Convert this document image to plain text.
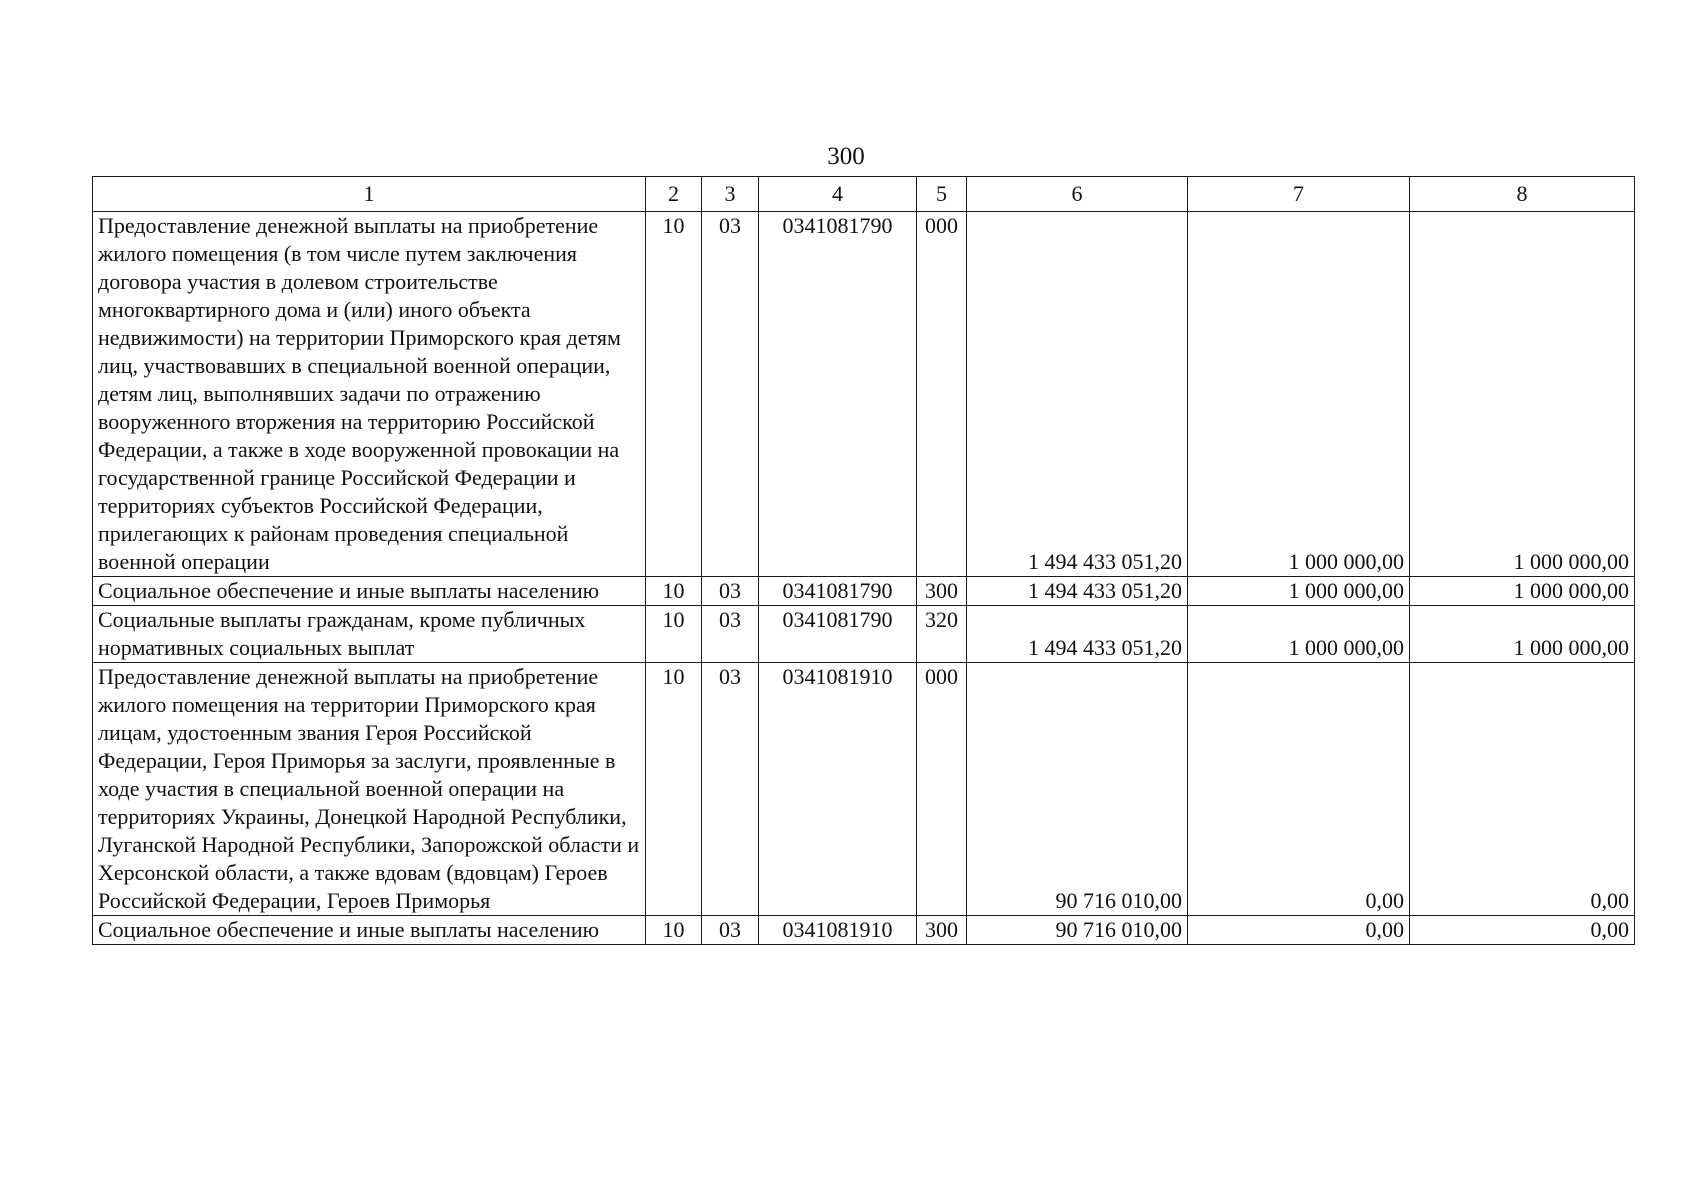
300
1	2	3	4	5	6	7	8
Предоставление денежной выплаты на приобретение жилого помещения (в том числе путем заключения договора участия в долевом строительстве многоквартирного дома и (или) иного объекта недвижимости) на территории Приморского края детям лиц, участвовавших в специальной военной операции, детям лиц, выполнявших задачи по отражению вооруженного вторжения на территорию Российской Федерации, а также в ходе вооруженной провокации на государственной границе Российской Федерации и территориях субъектов Российской Федерации, прилегающих к районам проведения специальной военной операции	10	03	0341081790	000	1 494 433 051,20	1 000 000,00	1 000 000,00
Социальное обеспечение и иные выплаты населению	10	03	0341081790	300	1 494 433 051,20	1 000 000,00	1 000 000,00
Социальные выплаты гражданам, кроме публичных нормативных социальных выплат	10	03	0341081790	320	1 494 433 051,20	1 000 000,00	1 000 000,00
Предоставление денежной выплаты на приобретение жилого помещения на территории Приморского края лицам, удостоенным звания Героя Российской Федерации, Героя Приморья за заслуги, проявленные в ходе участия в специальной военной операции на территориях Украины, Донецкой Народной Республики, Луганской Народной Республики, Запорожской области и Херсонской области, а также вдовам (вдовцам) Героев Российской Федерации, Героев Приморья	10	03	0341081910	000	90 716 010,00	0,00	0,00
Социальное обеспечение и иные выплаты населению	10	03	0341081910	300	90 716 010,00	0,00	0,00
